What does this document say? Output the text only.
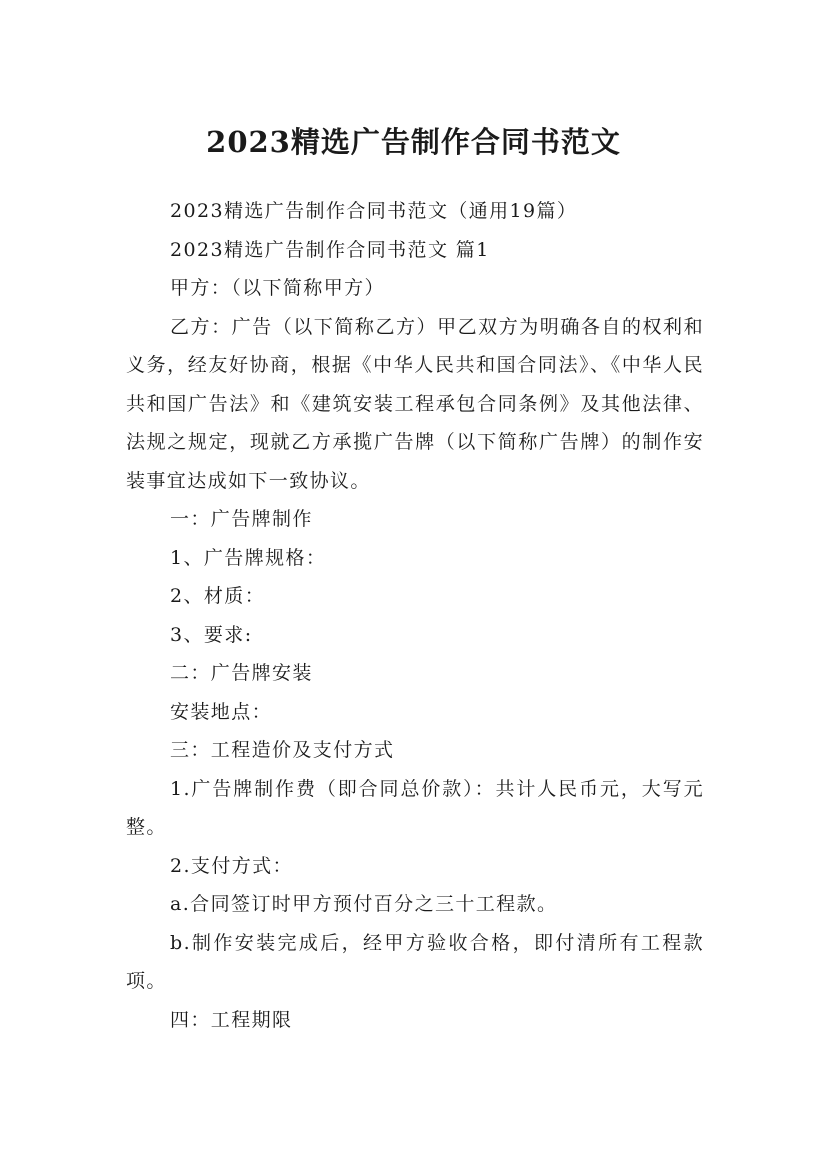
2023精选广告制作合同书范文

2023精选广告制作合同书范文（通用19篇）

2023精选广告制作合同书范文 篇1

甲方：（以下简称甲方）

乙方：广告（以下简称乙方）甲乙双方为明确各自的权利和义务，经友好协商，根据《中华人民共和国合同法》、《中华人民共和国广告法》和《建筑安装工程承包合同条例》及其他法律、法规之规定，现就乙方承揽广告牌（以下简称广告牌）的制作安装事宜达成如下一致协议。

一：广告牌制作

1、广告牌规格：

2、材质：

3、要求:

二：广告牌安装

安装地点：

三：工程造价及支付方式

1.广告牌制作费（即合同总价款）：共计人民币元，大写元整。

2.支付方式：

a.合同签订时甲方预付百分之三十工程款。

b.制作安装完成后，经甲方验收合格，即付清所有工程款项。

四：工程期限
